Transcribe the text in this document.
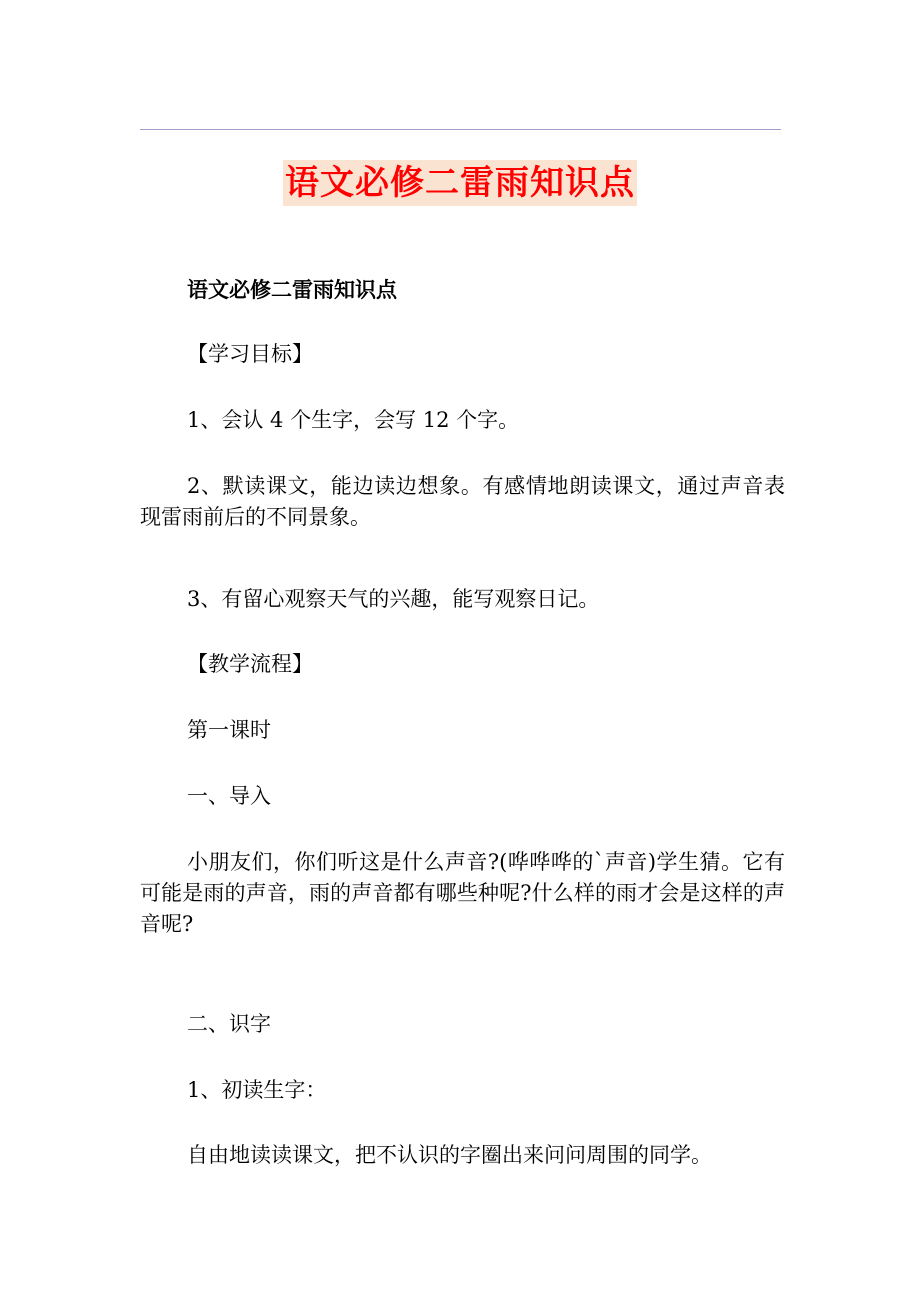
语文必修二雷雨知识点
语文必修二雷雨知识点
【学习目标】
1、会认 4 个生字，会写 12 个字。
2、默读课文，能边读边想象。有感情地朗读课文，通过声音表现雷雨前后的不同景象。
3、有留心观察天气的兴趣，能写观察日记。
【教学流程】
第一课时
一、导入
小朋友们，你们听这是什么声音?(哗哗哗的`声音)学生猜。它有可能是雨的声音，雨的声音都有哪些种呢?什么样的雨才会是这样的声音呢?
二、识字
1、初读生字：
自由地读读课文，把不认识的字圈出来问问周围的同学。
